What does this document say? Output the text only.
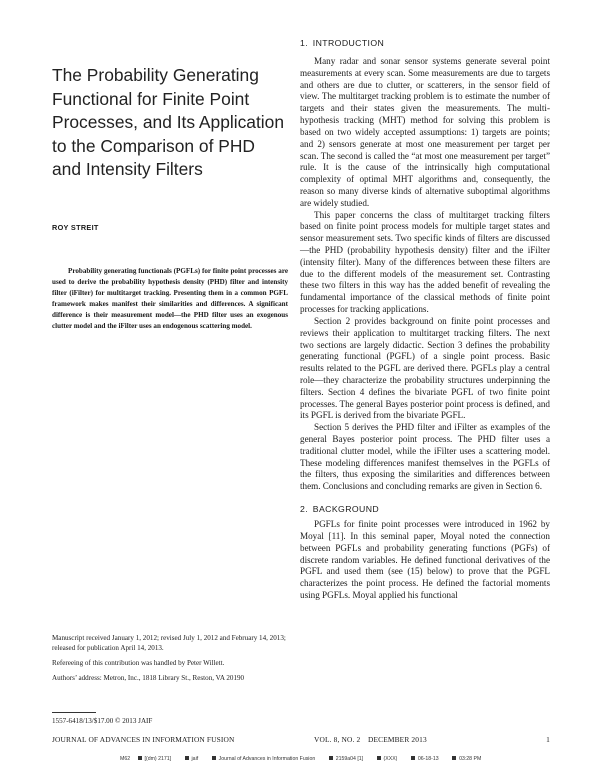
The Probability Generating
Functional for Finite Point
Processes, and Its Application
to the Comparison of PHD
and Intensity Filters
ROY STREIT
Probability generating functionals (PGFLs) for finite point processes are used to derive the probability hypothesis density (PHD) filter and intensity filter (iFilter) for multitarget tracking. Presenting them in a common PGFL framework makes manifest their similarities and differences. A significant difference is their measurement model—the PHD filter uses an exogenous clutter model and the iFilter uses an endogenous scattering model.

Manuscript received January 1, 2012; revised July 1, 2012 and February 14, 2013; released for publication April 14, 2013.

Refereeing of this contribution was handled by Peter Willett.

Authors’ address: Metron, Inc., 1818 Library St., Reston, VA 20190

1557-6418/13/$17.00 © 2013 JAIF
1. INTRODUCTION

Many radar and sonar sensor systems generate several point measurements at every scan. Some measurements are due to targets and others are due to clutter, or scatterers, in the sensor field of view. The multitarget tracking problem is to estimate the number of targets and their states given the measurements. The multi-hypothesis tracking (MHT) method for solving this problem is based on two widely accepted assumptions: 1) targets are points; and 2) sensors generate at most one measurement per target per scan. The second is called the “at most one measurement per target” rule. It is the cause of the intrinsically high computational complexity of optimal MHT algorithms and, consequently, the reason so many diverse kinds of alternative suboptimal algorithms are widely studied.

This paper concerns the class of multitarget tracking filters based on finite point process models for multiple target states and sensor measurement sets. Two specific kinds of filters are discussed—the PHD (probability hypothesis density) filter and the iFilter (intensity filter). Many of the differences between these filters are due to the different models of the measurement set. Contrasting these two filters in this way has the added benefit of revealing the fundamental importance of the classical methods of finite point processes for tracking applications.

Section 2 provides background on finite point processes and reviews their application to multitarget tracking filters. The next two sections are largely didactic. Section 3 defines the probability generating functional (PGFL) of a single point process. Basic results related to the PGFL are derived there. PGFLs play a central role—they characterize the probability structures underpinning the filters. Section 4 defines the bivariate PGFL of two finite point processes. The general Bayes posterior point process is defined, and its PGFL is derived from the bivariate PGFL.

Section 5 derives the PHD filter and iFilter as examples of the general Bayes posterior point process. The PHD filter uses a traditional clutter model, while the iFilter uses a scattering model. These modeling differences manifest themselves in the PGFLs of the filters, thus exposing the similarities and differences between them. Conclusions and concluding remarks are given in Section 6.

2. BACKGROUND

PGFLs for finite point processes were introduced in 1962 by Moyal [11]. In this seminal paper, Moyal noted the connection between PGFLs and probability generating functions (PGFs) of discrete random variables. He defined functional derivatives of the PGFL and used them (see (15) below) to prove that the PGFL characterizes the point process. He defined the factorial moments using PGFLs. Moyal applied his functional

JOURNAL OF ADVANCES IN INFORMATION FUSION	VOL. 8, NO. 2  DECEMBER 2013	1
M62	[(dm) 2171]	jaif	Journal of Advances in Information Fusion	2159a04 [1]	(XXX)	06-18-13	03:28 PM
